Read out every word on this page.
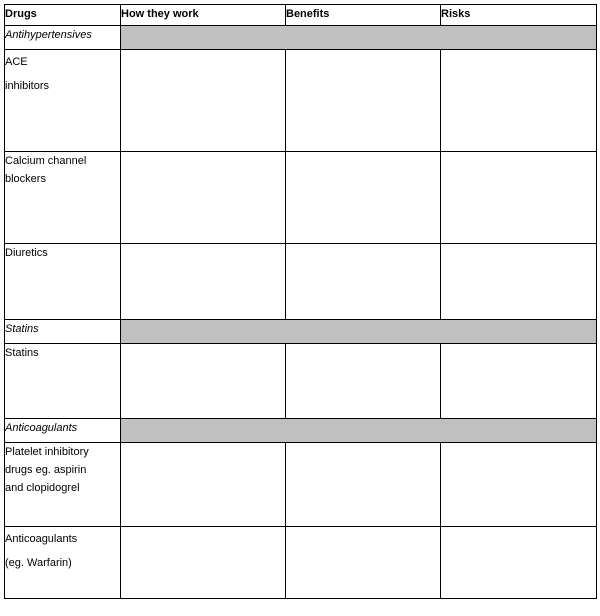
Drugs	How they work	Benefits	Risks
Antihypertensives			

ACE
inhibitors			

Calcium channel
blockers			

Diuretics			

Statins			

Statins			

Anticoagulants			

Platelet inhibitory
drugs eg. aspirin
and clopidogrel			

Anticoagulants
(eg. Warfarin)			
